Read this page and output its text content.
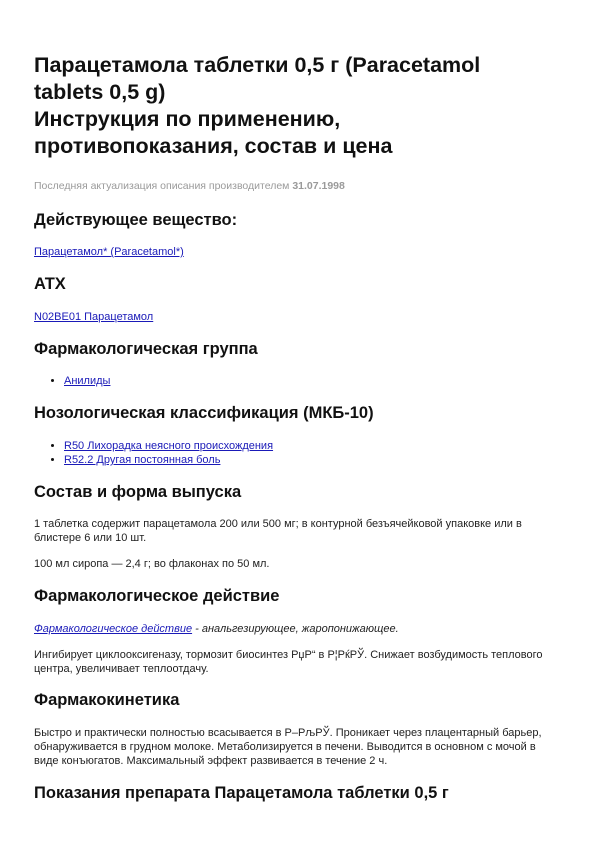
Парацетамола таблетки 0,5 г (Paracetamol
tablets 0,5 g)
Инструкция по применению,
противопоказания, состав и цена

Последняя актуализация описания производителем 31.07.1998

Действующее вещество:

Парацетамол* (Paracetamol*)

ATX

N02BE01 Парацетамол

Фармакологическая группа
• Анилиды
Нозологическая классификация (МКБ-10)
• R50 Лихорадка неясного происхождения
• R52.2 Другая постоянная боль
Состав и форма выпуска

1 таблетка содержит парацетамола 200 или 500 мг; в контурной безъячейковой упаковке или в блистере 6 или 10 шт.

100 мл сиропа — 2,4 г; во флаконах по 50 мл.

Фармакологическое действие

Фармакологическое действие - анальгезирующее, жаропонижающее.

Ингибирует циклооксигеназу, тормозит биосинтез РџР“ в Р¦РќРЎ. Снижает возбудимость теплового центра, увеличивает теплоотдачу.

Фармакокинетика

Быстро и практически полностью всасывается в Р–РљРЎ. Проникает через плацентарный барьер, обнаруживается в грудном молоке. Метаболизируется в печени. Выводится в основном с мочой в виде конъюгатов. Максимальный эффект развивается в течение 2 ч.

Показания препарата Парацетамола таблетки 0,5 г
